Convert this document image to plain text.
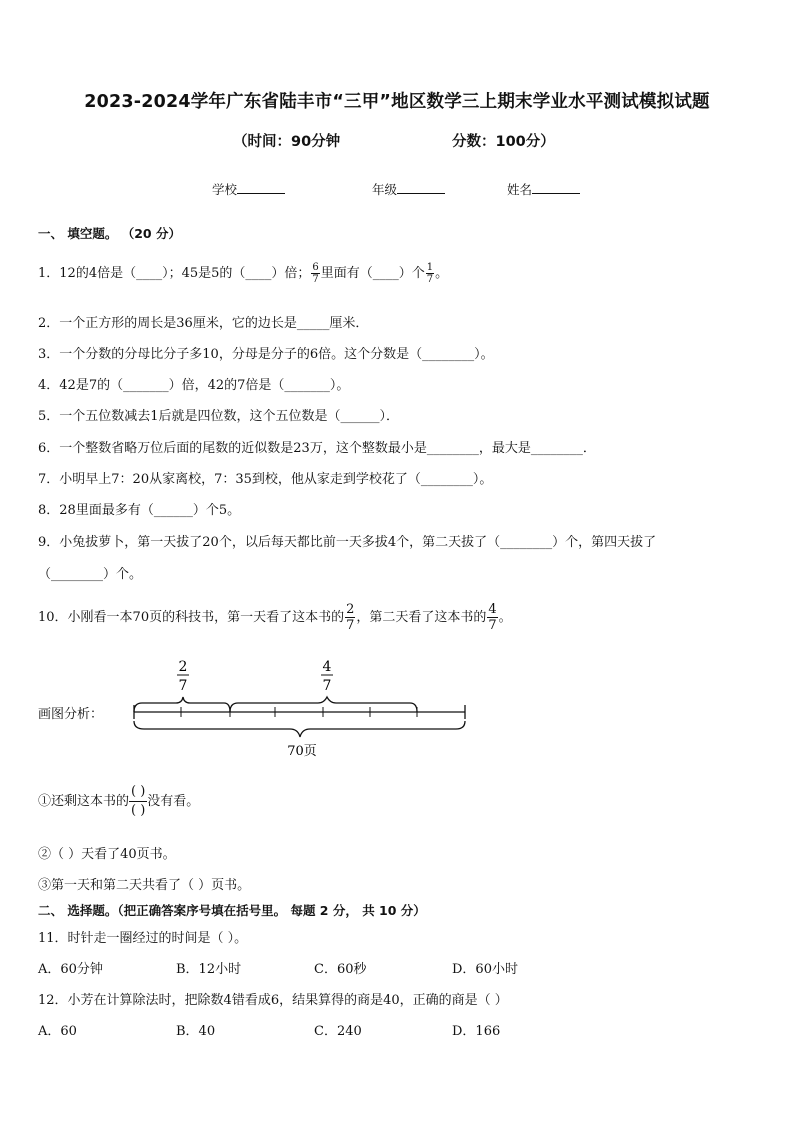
2023-2024学年广东省陆丰市“三甲”地区数学三上期末学业水平测试模拟试题
（时间：90分钟	分数：100分）
学校	年级	姓名
一、 填空题。 （20 分）
1．12的4倍是（____）；45是5的（____）倍； $\frac{6}{7}$ 里面有（____）个 $\frac{1}{7}$ 。
2．一个正方形的周长是36厘米，它的边长是_____厘米．
3．一个分数的分母比分子多10，分母是分子的6倍。这个分数是（________）。
4．42是7的（_______）倍，42的7倍是（_______）。
5．一个五位数减去1后就是四位数，这个五位数是（______）．
6．一个整数省略万位后面的尾数的近似数是23万，这个整数最小是________，最大是________．
7．小明早上7：20从家离校，7：35到校，他从家走到学校花了（________）。
8．28里面最多有（______）个5。
9．小兔拔萝卜，第一天拔了20个，以后每天都比前一天多拔4个，第二天拔了（________）个，第四天拔了
（________）个。
10．小刚看一本70页的科技书，第一天看了这本书的 $\frac{2}{7}$ ，第二天看了这本书的 $\frac{4}{7}$ 。
画图分析：
2
7
4
7
70页
①还剩这本书的
( )
( )
没有看。
②（ ）天看了40页书。
③第一天和第二天共看了（ ）页书。
二、 选择题。（把正确答案序号填在括号里。 每题 2 分， 共 10 分）
11．时针走一圈经过的时间是（ ）。
A．60分钟	B．12小时	C．60秒	D．60小时
12．小芳在计算除法时，把除数4错看成6，结果算得的商是40，正确的商是（ ）
A．60	B．40	C．240	D．166
